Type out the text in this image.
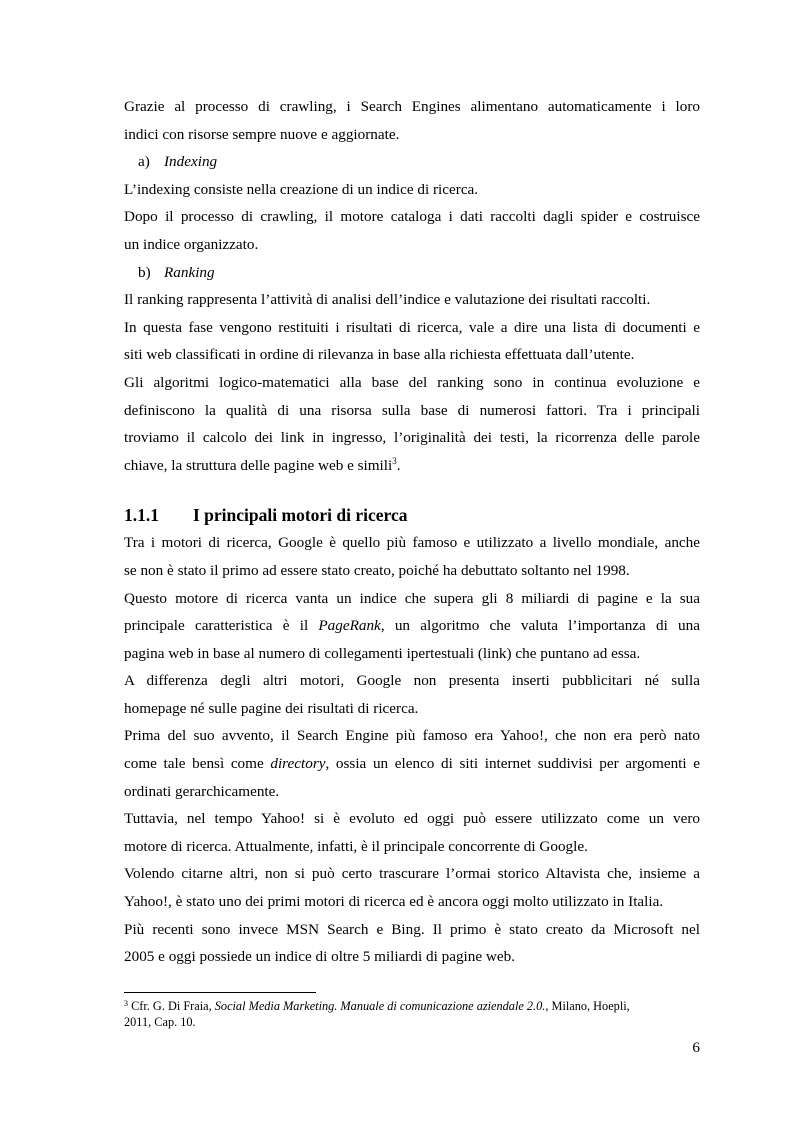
Grazie al processo di crawling, i Search Engines alimentano automaticamente i loro
indici con risorse sempre nuove e aggiornate.
a) Indexing
L’indexing consiste nella creazione di un indice di ricerca.
Dopo il processo di crawling, il motore cataloga i dati raccolti dagli spider e costruisce
un indice organizzato.
b) Ranking
Il ranking rappresenta l’attività di analisi dell’indice e valutazione dei risultati raccolti.
In questa fase vengono restituiti i risultati di ricerca, vale a dire una lista di documenti e
siti web classificati in ordine di rilevanza in base alla richiesta effettuata dall’utente.
Gli algoritmi logico-matematici alla base del ranking sono in continua evoluzione e
definiscono la qualità di una risorsa sulla base di numerosi fattori. Tra i principali
troviamo il calcolo dei link in ingresso, l’originalità dei testi, la ricorrenza delle parole
chiave, la struttura delle pagine web e simili$^3$.
1.1.1 I principali motori di ricerca
Tra i motori di ricerca, Google è quello più famoso e utilizzato a livello mondiale, anche
se non è stato il primo ad essere stato creato, poiché ha debuttato soltanto nel 1998.
Questo motore di ricerca vanta un indice che supera gli 8 miliardi di pagine e la sua
principale caratteristica è il PageRank, un algoritmo che valuta l’importanza di una
pagina web in base al numero di collegamenti ipertestuali (link) che puntano ad essa.
A differenza degli altri motori, Google non presenta inserti pubblicitari né sulla
homepage né sulle pagine dei risultati di ricerca.
Prima del suo avvento, il Search Engine più famoso era Yahoo!, che non era però nato
come tale bensì come directory, ossia un elenco di siti internet suddivisi per argomenti e
ordinati gerarchicamente.
Tuttavia, nel tempo Yahoo! si è evoluto ed oggi può essere utilizzato come un vero
motore di ricerca. Attualmente, infatti, è il principale concorrente di Google.
Volendo citarne altri, non si può certo trascurare l’ormai storico Altavista che, insieme a
Yahoo!, è stato uno dei primi motori di ricerca ed è ancora oggi molto utilizzato in Italia.
Più recenti sono invece MSN Search e Bing. Il primo è stato creato da Microsoft nel
2005 e oggi possiede un indice di oltre 5 miliardi di pagine web.
$^3$ Cfr. G. Di Fraia, Social Media Marketing. Manuale di comunicazione aziendale 2.0., Milano, Hoepli,
2011, Cap. 10.
6
